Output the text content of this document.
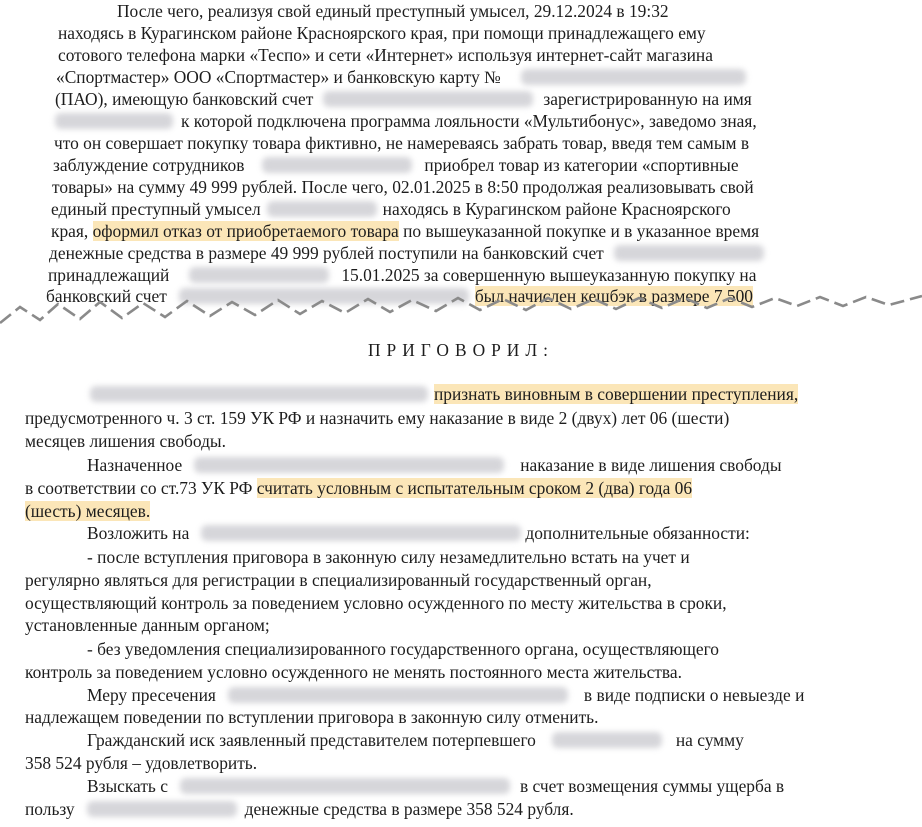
После чего, реализуя свой единый преступный умысел, 29.12.2024 в 19:32
находясь в Курагинском районе Красноярского края, при помощи принадлежащего ему
сотового телефона марки «Теспо» и сети «Интернет» используя интернет-сайт магазина
«Спортмастер» ООО «Спортмастер» и банковскую карту №
(ПАО), имеющую банковский счет	зарегистрированную на имя
к которой подключена программа лояльности «Мультибонус», заведомо зная,
что он совершает покупку товара фиктивно, не намереваясь забрать товар, введя тем самым в
заблуждение сотрудников	приобрел товар из категории «спортивные
товары» на сумму 49 999 рублей. После чего, 02.01.2025 в 8:50 продолжая реализовывать свой
единый преступный умысел	находясь в Курагинском районе Красноярского
края, оформил отказ от приобретаемого товара по вышеуказанной покупке и в указанное время
денежные средства в размере 49 999 рублей поступили на банковский счет
принадлежащий	15.01.2025 за совершенную вышеуказанную покупку на
банковский счет	был начислен кешбэк в размере 7 500
ПРИГОВОРИЛ:
признать виновным в совершении преступления,
предусмотренного ч. 3 ст. 159 УК РФ и назначить ему наказание в виде 2 (двух) лет 06 (шести)
месяцев лишения свободы.
Назначенное	наказание в виде лишения свободы
в соответствии со ст.73 УК РФ считать условным с испытательным сроком 2 (два) года 06
(шесть) месяцев.
Возложить на	дополнительные обязанности:
- после вступления приговора в законную силу незамедлительно встать на учет и
регулярно являться для регистрации в специализированный государственный орган,
осуществляющий контроль за поведением условно осужденного по месту жительства в сроки,
установленные данным органом;
- без уведомления специализированного государственного органа, осуществляющего
контроль за поведением условно осужденного не менять постоянного места жительства.
Меру пресечения	в виде подписки о невыезде и
надлежащем поведении по вступлении приговора в законную силу отменить.
Гражданский иск заявленный представителем потерпевшего	на сумму
358 524 рубля – удовлетворить.
Взыскать с	в счет возмещения суммы ущерба в
пользу	денежные средства в размере 358 524 рубля.
